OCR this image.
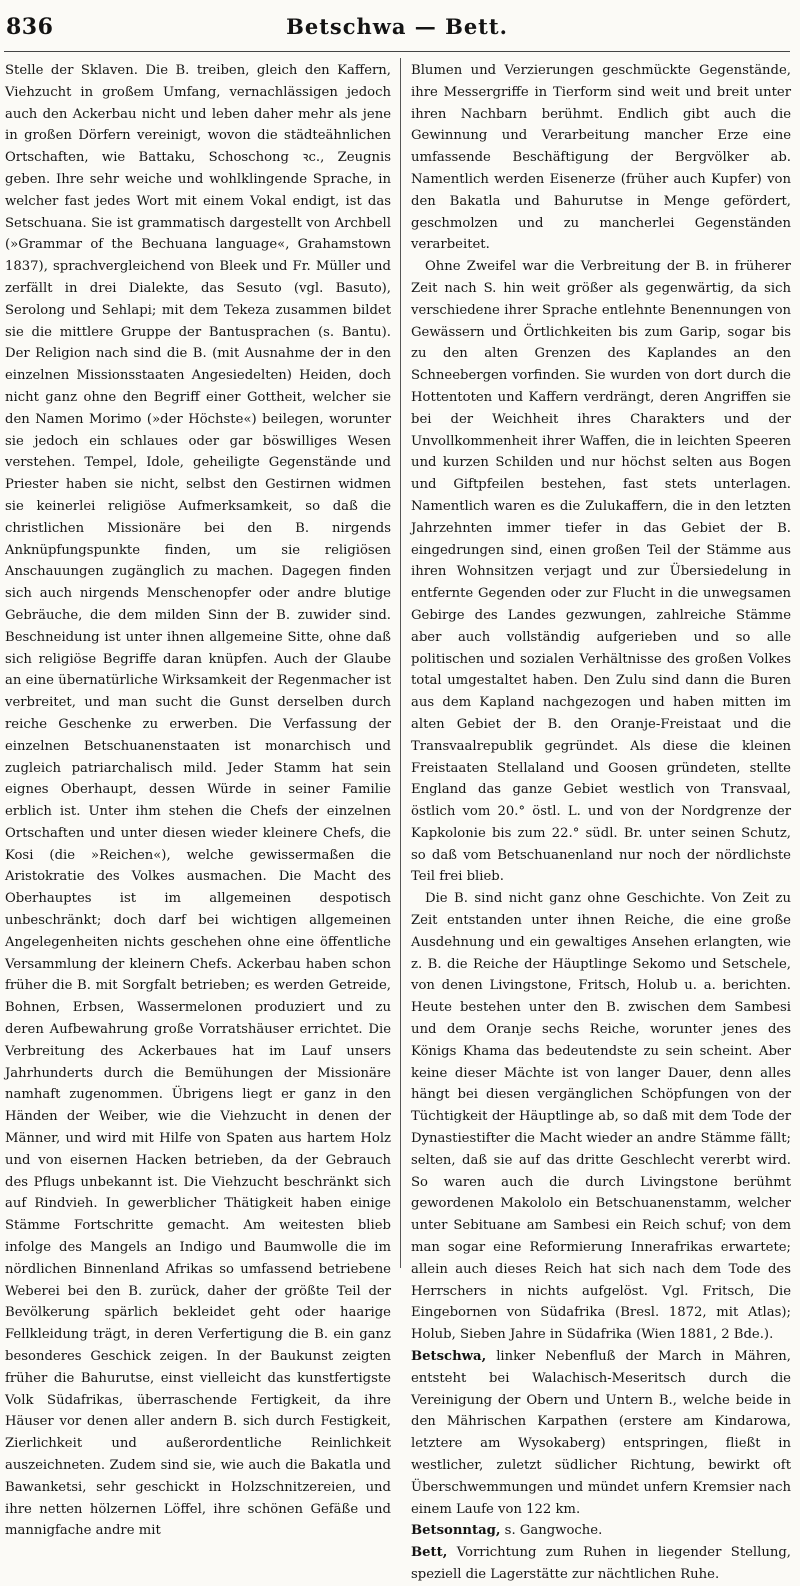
836	Betschwa — Bett.

Stelle der Sklaven. Die B. treiben, gleich den Kaffern, Viehzucht in großem Umfang, vernachlässigen jedoch auch den Ackerbau nicht und leben daher mehr als jene in großen Dörfern vereinigt, wovon die städteähnlichen Ortschaften, wie Battaku, Schoschong ꝛc., Zeugnis geben. Ihre sehr weiche und wohlklingende Sprache, in welcher fast jedes Wort mit einem Vokal endigt, ist das Setschuana. Sie ist grammatisch dargestellt von Archbell (»Grammar of the Bechuana language«, Grahamstown 1837), sprachvergleichend von Bleek und Fr. Müller und zerfällt in drei Dialekte, das Sesuto (vgl. Basuto), Serolong und Sehlapi; mit dem Tekeza zusammen bildet sie die mittlere Gruppe der Bantusprachen (s. Bantu). Der Religion nach sind die B. (mit Ausnahme der in den einzelnen Missionsstaaten Angesiedelten) Heiden, doch nicht ganz ohne den Begriff einer Gottheit, welcher sie den Namen Morimo (»der Höchste«) beilegen, worunter sie jedoch ein schlaues oder gar böswilliges Wesen verstehen. Tempel, Idole, geheiligte Gegenstände und Priester haben sie nicht, selbst den Gestirnen widmen sie keinerlei religiöse Aufmerksamkeit, so daß die christlichen Missionäre bei den B. nirgends Anknüpfungspunkte finden, um sie religiösen Anschauungen zugänglich zu machen. Dagegen finden sich auch nirgends Menschenopfer oder andre blutige Gebräuche, die dem milden Sinn der B. zuwider sind. Beschneidung ist unter ihnen allgemeine Sitte, ohne daß sich religiöse Begriffe daran knüpfen. Auch der Glaube an eine übernatürliche Wirksamkeit der Regenmacher ist verbreitet, und man sucht die Gunst derselben durch reiche Geschenke zu erwerben. Die Verfassung der einzelnen Betschuanenstaaten ist monarchisch und zugleich patriarchalisch mild. Jeder Stamm hat sein eignes Oberhaupt, dessen Würde in seiner Familie erblich ist. Unter ihm stehen die Chefs der einzelnen Ortschaften und unter diesen wieder kleinere Chefs, die Kosi (die »Reichen«), welche gewissermaßen die Aristokratie des Volkes ausmachen. Die Macht des Oberhauptes ist im allgemeinen despotisch unbeschränkt; doch darf bei wichtigen allgemeinen Angelegenheiten nichts geschehen ohne eine öffentliche Versammlung der kleinern Chefs. Ackerbau haben schon früher die B. mit Sorgfalt betrieben; es werden Getreide, Bohnen, Erbsen, Wassermelonen produziert und zu deren Aufbewahrung große Vorratshäuser errichtet. Die Verbreitung des Ackerbaues hat im Lauf unsers Jahrhunderts durch die Bemühungen der Missionäre namhaft zugenommen. Übrigens liegt er ganz in den Händen der Weiber, wie die Viehzucht in denen der Männer, und wird mit Hilfe von Spaten aus hartem Holz und von eisernen Hacken betrieben, da der Gebrauch des Pflugs unbekannt ist. Die Viehzucht beschränkt sich auf Rindvieh. In gewerblicher Thätigkeit haben einige Stämme Fortschritte gemacht. Am weitesten blieb infolge des Mangels an Indigo und Baumwolle die im nördlichen Binnenland Afrikas so umfassend betriebene Weberei bei den B. zurück, daher der größte Teil der Bevölkerung spärlich bekleidet geht oder haarige Fellkleidung trägt, in deren Verfertigung die B. ein ganz besonderes Geschick zeigen. In der Baukunst zeigten früher die Bahurutse, einst vielleicht das kunstfertigste Volk Südafrikas, überraschende Fertigkeit, da ihre Häuser vor denen aller andern B. sich durch Festigkeit, Zierlichkeit und außerordentliche Reinlichkeit auszeichneten. Zudem sind sie, wie auch die Bakatla und Bawanketsi, sehr geschickt in Holzschnitzereien, und ihre netten hölzernen Löffel, ihre schönen Gefäße und mannigfache andre mit

Blumen und Verzierungen geschmückte Gegenstände, ihre Messergriffe in Tierform sind weit und breit unter ihren Nachbarn berühmt. Endlich gibt auch die Gewinnung und Verarbeitung mancher Erze eine umfassende Beschäftigung der Bergvölker ab. Namentlich werden Eisenerze (früher auch Kupfer) von den Bakatla und Bahurutse in Menge gefördert, geschmolzen und zu mancherlei Gegenständen verarbeitet.

Ohne Zweifel war die Verbreitung der B. in früherer Zeit nach S. hin weit größer als gegenwärtig, da sich verschiedene ihrer Sprache entlehnte Benennungen von Gewässern und Örtlichkeiten bis zum Garip, sogar bis zu den alten Grenzen des Kaplandes an den Schneebergen vorfinden. Sie wurden von dort durch die Hottentoten und Kaffern verdrängt, deren Angriffen sie bei der Weichheit ihres Charakters und der Unvollkommenheit ihrer Waffen, die in leichten Speeren und kurzen Schilden und nur höchst selten aus Bogen und Giftpfeilen bestehen, fast stets unterlagen. Namentlich waren es die Zulukaffern, die in den letzten Jahrzehnten immer tiefer in das Gebiet der B. eingedrungen sind, einen großen Teil der Stämme aus ihren Wohnsitzen verjagt und zur Übersiedelung in entfernte Gegenden oder zur Flucht in die unwegsamen Gebirge des Landes gezwungen, zahlreiche Stämme aber auch vollständig aufgerieben und so alle politischen und sozialen Verhältnisse des großen Volkes total umgestaltet haben. Den Zulu sind dann die Buren aus dem Kapland nachgezogen und haben mitten im alten Gebiet der B. den Oranje-Freistaat und die Transvaalrepublik gegründet. Als diese die kleinen Freistaaten Stellaland und Goosen gründeten, stellte England das ganze Gebiet westlich von Transvaal, östlich vom 20.° östl. L. und von der Nordgrenze der Kapkolonie bis zum 22.° südl. Br. unter seinen Schutz, so daß vom Betschuanenland nur noch der nördlichste Teil frei blieb.

Die B. sind nicht ganz ohne Geschichte. Von Zeit zu Zeit entstanden unter ihnen Reiche, die eine große Ausdehnung und ein gewaltiges Ansehen erlangten, wie z. B. die Reiche der Häuptlinge Sekomo und Setschele, von denen Livingstone, Fritsch, Holub u. a. berichten. Heute bestehen unter den B. zwischen dem Sambesi und dem Oranje sechs Reiche, worunter jenes des Königs Khama das bedeutendste zu sein scheint. Aber keine dieser Mächte ist von langer Dauer, denn alles hängt bei diesen vergänglichen Schöpfungen von der Tüchtigkeit der Häuptlinge ab, so daß mit dem Tode der Dynastiestifter die Macht wieder an andre Stämme fällt; selten, daß sie auf das dritte Geschlecht vererbt wird. So waren auch die durch Livingstone berühmt gewordenen Makololo ein Betschuanenstamm, welcher unter Sebituane am Sambesi ein Reich schuf; von dem man sogar eine Reformierung Innerafrikas erwartete; allein auch dieses Reich hat sich nach dem Tode des Herrschers in nichts aufgelöst. Vgl. Fritsch, Die Eingebornen von Südafrika (Bresl. 1872, mit Atlas); Holub, Sieben Jahre in Südafrika (Wien 1881, 2 Bde.).

Betschwa, linker Nebenfluß der March in Mähren, entsteht bei Walachisch-Meseritsch durch die Vereinigung der Obern und Untern B., welche beide in den Mährischen Karpathen (erstere am Kindarowa, letztere am Wysokaberg) entspringen, fließt in westlicher, zuletzt südlicher Richtung, bewirkt oft Überschwemmungen und mündet unfern Kremsier nach einem Laufe von 122 km.

Betsonntag, s. Gangwoche.

Bett, Vorrichtung zum Ruhen in liegender Stellung, speziell die Lagerstätte zur nächtlichen Ruhe.
